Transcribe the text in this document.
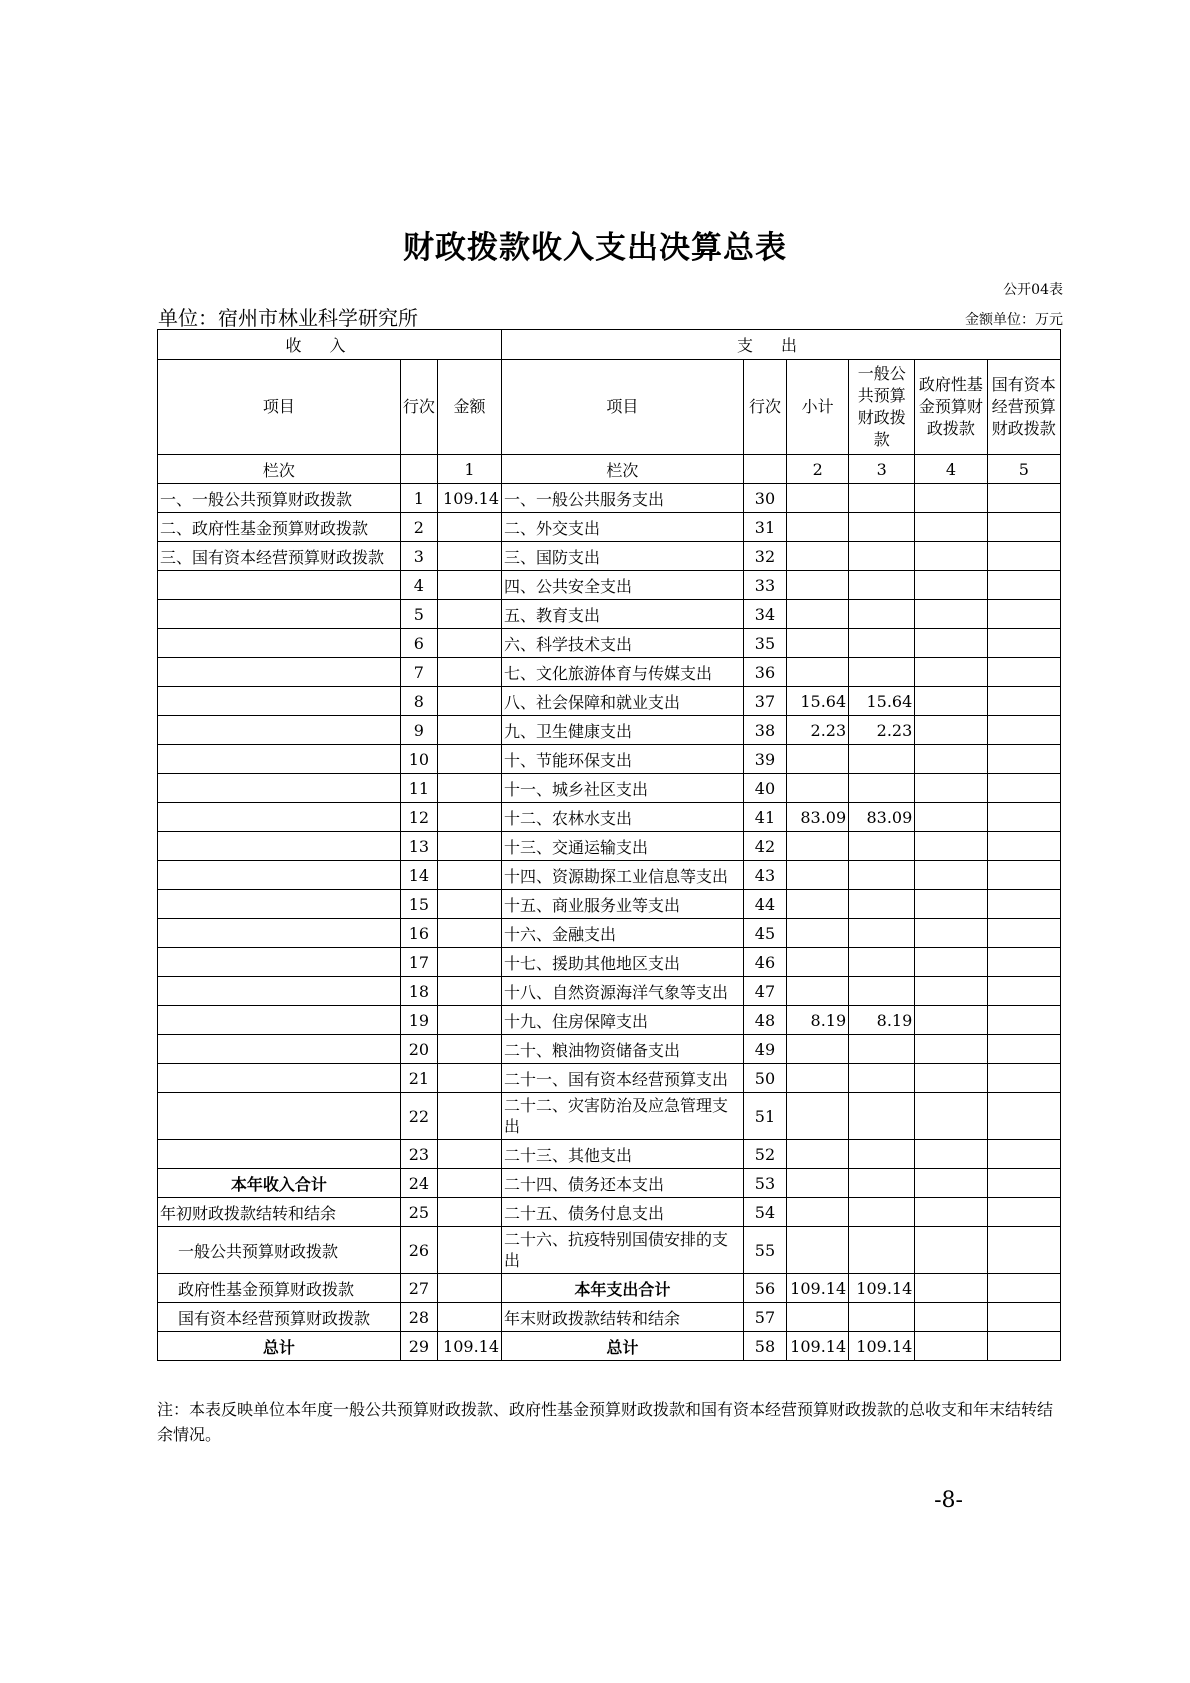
财政拨款收入支出决算总表
公开04表
单位：宿州市林业科学研究所	金额单位：万元
收入			支出					
项目	行次	金额	项目	行次	小计	一般公共预算财政拨款	政府性基金预算财政拨款	国有资本经营预算财政拨款
栏次		1	栏次		2	3	4	5
一、一般公共预算财政拨款	1	109.14	一、一般公共服务支出	30				
二、政府性基金预算财政拨款	2		二、外交支出	31				
三、国有资本经营预算财政拨款	3		三、国防支出	32				
	4		四、公共安全支出	33				
	5		五、教育支出	34				
	6		六、科学技术支出	35				
	7		七、文化旅游体育与传媒支出	36				
	8		八、社会保障和就业支出	37	15.64	15.64		
	9		九、卫生健康支出	38	2.23	2.23		
	10		十、节能环保支出	39				
	11		十一、城乡社区支出	40				
	12		十二、农林水支出	41	83.09	83.09		
	13		十三、交通运输支出	42				
	14		十四、资源勘探工业信息等支出	43				
	15		十五、商业服务业等支出	44				
	16		十六、金融支出	45				
	17		十七、援助其他地区支出	46				
	18		十八、自然资源海洋气象等支出	47				
	19		十九、住房保障支出	48	8.19	8.19		
	20		二十、粮油物资储备支出	49				
	21		二十一、国有资本经营预算支出	50				
	22		二十二、灾害防治及应急管理支出	51				
	23		二十三、其他支出	52				
本年收入合计	24		二十四、债务还本支出	53				
年初财政拨款结转和结余	25		二十五、债务付息支出	54				
一般公共预算财政拨款	26		二十六、抗疫特别国债安排的支出	55				
政府性基金预算财政拨款	27		本年支出合计	56	109.14	109.14		
国有资本经营预算财政拨款	28		年末财政拨款结转和结余	57				
总计	29	109.14	总计	58	109.14	109.14		
注：本表反映单位本年度一般公共预算财政拨款、政府性基金预算财政拨款和国有资本经营预算财政拨款的总收支和年末结转结余情况。
-8-
